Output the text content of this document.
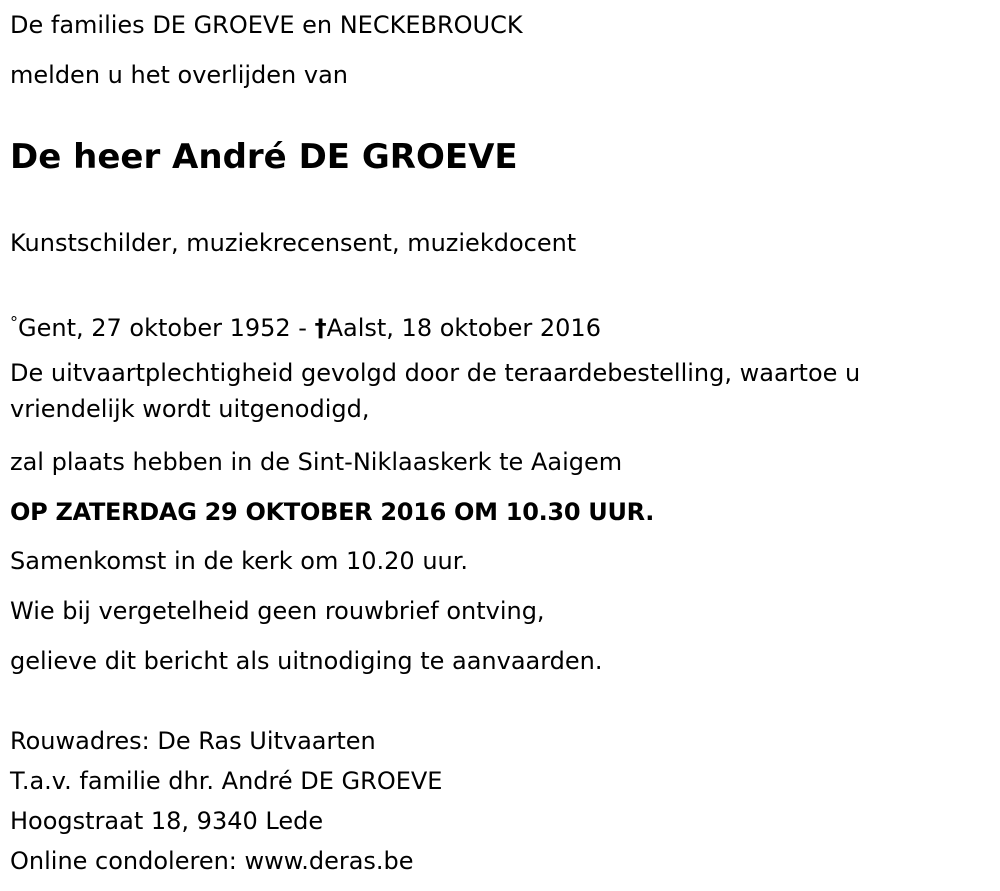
De families DE GROEVE en NECKEBROUCK

melden u het overlijden van

De heer André DE GROEVE

Kunstschilder, muziekrecensent, muziekdocent

°Gent, 27 oktober 1952 - †Aalst, 18 oktober 2016

De uitvaartplechtigheid gevolgd door de teraardebestelling, waartoe u vriendelijk wordt uitgenodigd,

zal plaats hebben in de Sint-Niklaaskerk te Aaigem

OP ZATERDAG 29 OKTOBER 2016 OM 10.30 UUR.

Samenkomst in de kerk om 10.20 uur.

Wie bij vergetelheid geen rouwbrief ontving,

gelieve dit bericht als uitnodiging te aanvaarden.

Rouwadres: De Ras Uitvaarten

T.a.v. familie dhr. André DE GROEVE

Hoogstraat 18, 9340 Lede

Online condoleren: www.deras.be
